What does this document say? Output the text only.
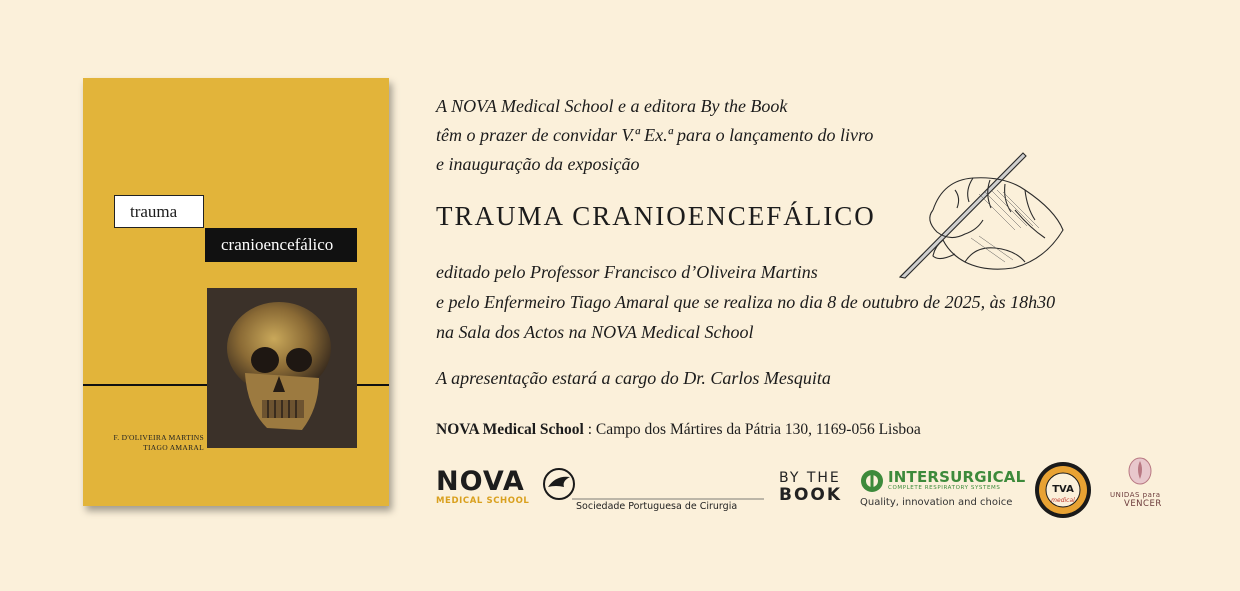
trauma
cranioencefálico
F. D'OLIVEIRA MARTINS
TIAGO AMARAL
A NOVA Medical School e a editora By the Book
têm o prazer de convidar V.ª Ex.ª para o lançamento do livro
e inauguração da exposição
TRAUMA CRANIOENCEFÁLICO
editado pelo Professor Francisco d’Oliveira Martins
e pelo Enfermeiro Tiago Amaral que se realiza no dia 8 de outubro de 2025, às 18h30
na Sala dos Actos na NOVA Medical School
A apresentação estará a cargo do Dr. Carlos Mesquita
NOVA Medical School : Campo dos Mártires da Pátria 130, 1169-056 Lisboa
NOVA
MEDICAL SCHOOL	Sociedade Portuguesa de Cirurgia
BY THE
BOOK
INTERSURGICAL
COMPLETE RESPIRATORY SYSTEMS
Quality, innovation and choice
TVA
medical
UNIDAS para
VENCER
